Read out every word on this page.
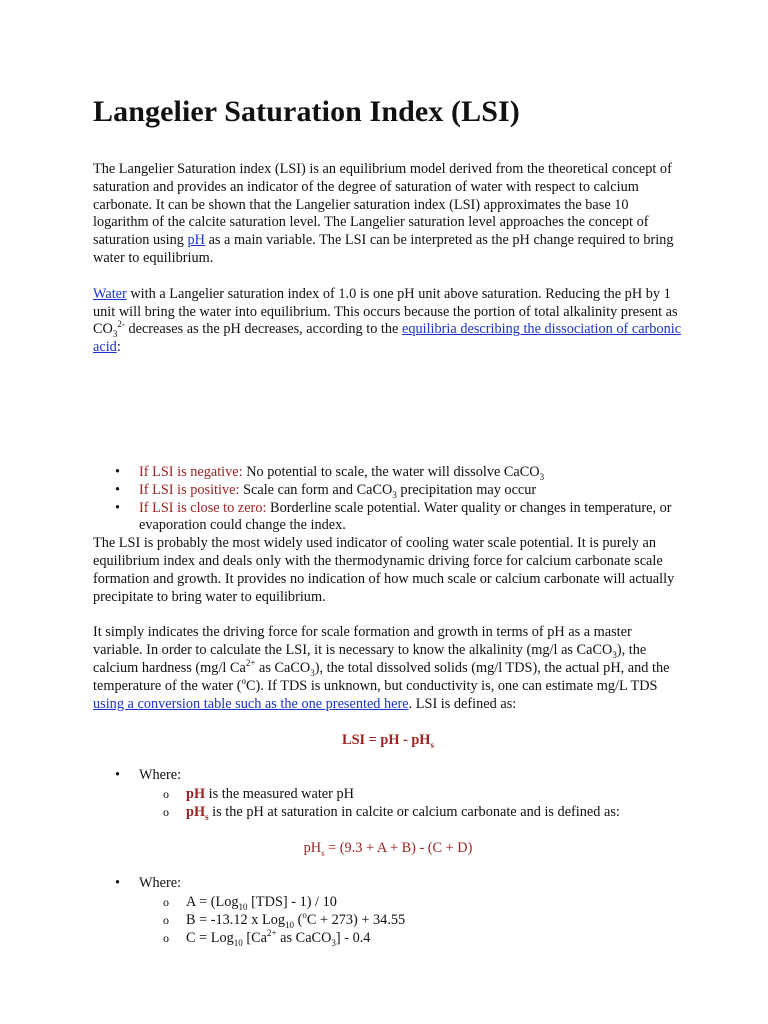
Langelier Saturation Index (LSI)

The Langelier Saturation index (LSI) is an equilibrium model derived from the theoretical concept of saturation and provides an indicator of the degree of saturation of water with respect to calcium carbonate. It can be shown that the Langelier saturation index (LSI) approximates the base 10 logarithm of the calcite saturation level. The Langelier saturation level approaches the concept of saturation using pH as a main variable. The LSI can be interpreted as the pH change required to bring water to equilibrium.

Water with a Langelier saturation index of 1.0 is one pH unit above saturation. Reducing the pH by 1 unit will bring the water into equilibrium. This occurs because the portion of total alkalinity present as $CO_3^{2-}$ decreases as the pH decreases, according to the equilibria describing the dissociation of carbonic acid:

• If LSI is negative: No potential to scale, the water will dissolve CaCO$_3$
• If LSI is positive: Scale can form and CaCO$_3$ precipitation may occur
• If LSI is close to zero: Borderline scale potential. Water quality or changes in temperature, or evaporation could change the index.

The LSI is probably the most widely used indicator of cooling water scale potential. It is purely an equilibrium index and deals only with the thermodynamic driving force for calcium carbonate scale formation and growth. It provides no indication of how much scale or calcium carbonate will actually precipitate to bring water to equilibrium.

It simply indicates the driving force for scale formation and growth in terms of pH as a master variable. In order to calculate the LSI, it is necessary to know the alkalinity (mg/l as CaCO$_3$), the calcium hardness (mg/l $Ca^{2+}$ as CaCO$_3$), the total dissolved solids (mg/l TDS), the actual pH, and the temperature of the water ($^o$C). If TDS is unknown, but conductivity is, one can estimate mg/L TDS using a conversion table such as the one presented here. LSI is defined as:

LSI = pH - $pH_s$
• Where:
o pH is the measured water pH
o $pH_s$ is the pH at saturation in calcite or calcium carbonate and is defined as:
$pH_s = (9.3 + A + B) - (C + D)$
• Where:
o A = (Log$_{10}$ [TDS] - 1) / 10
o B = -13.12 x Log$_{10}$ ($^o$C + 273) + 34.55
o C = Log$_{10}$ [$Ca^{2+}$ as CaCO$_3$] - 0.4
